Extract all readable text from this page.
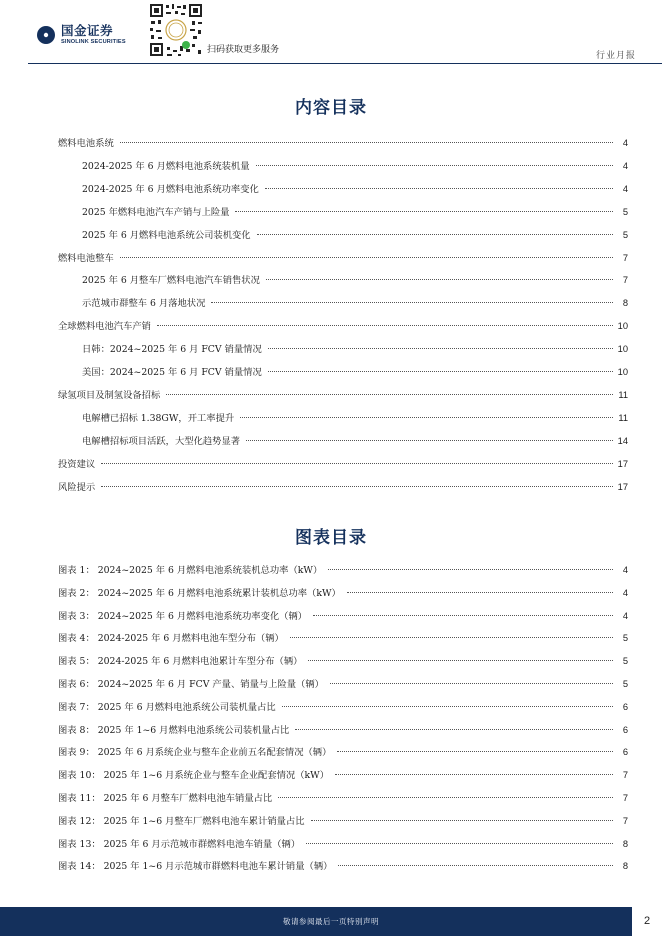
国金证券
SINOLINK SECURITIES
扫码获取更多服务
行业月报
内容目录
燃料电池系统	4
2024-2025 年 6 月燃料电池系统装机量	4
2024-2025 年 6 月燃料电池系统功率变化	4
2025 年燃料电池汽车产销与上险量	5
2025 年 6 月燃料电池系统公司装机变化	5
燃料电池整车	7
2025 年 6 月整车厂燃料电池汽车销售状况	7
示范城市群整车 6 月落地状况	8
全球燃料电池汽车产销	10
日韩：2024~2025 年 6 月 FCV 销量情况	10
美国：2024~2025 年 6 月 FCV 销量情况	10
绿氢项目及制氢设备招标	11
电解槽已招标 1.38GW，开工率提升	11
电解槽招标项目活跃，大型化趋势显著	14
投资建议	17
风险提示	17
图表目录
图表 1： 2024~2025 年 6 月燃料电池系统装机总功率（kW）	4
图表 2： 2024~2025 年 6 月燃料电池系统累计装机总功率（kW）	4
图表 3： 2024~2025 年 6 月燃料电池系统功率变化（辆）	4
图表 4： 2024-2025 年 6 月燃料电池车型分布（辆）	5
图表 5： 2024-2025 年 6 月燃料电池累计车型分布（辆）	5
图表 6： 2024~2025 年 6 月 FCV 产量、销量与上险量（辆）	5
图表 7： 2025 年 6 月燃料电池系统公司装机量占比	6
图表 8： 2025 年 1~6 月燃料电池系统公司装机量占比	6
图表 9： 2025 年 6 月系统企业与整车企业前五名配套情况（辆）	6
图表 10： 2025 年 1~6 月系统企业与整车企业配套情况（kW）	7
图表 11： 2025 年 6 月整车厂燃料电池车销量占比	7
图表 12： 2025 年 1~6 月整车厂燃料电池车累计销量占比	7
图表 13： 2025 年 6 月示范城市群燃料电池车销量（辆）	8
图表 14： 2025 年 1~6 月示范城市群燃料电池车累计销量（辆）	8
敬请参阅最后一页特别声明	2
